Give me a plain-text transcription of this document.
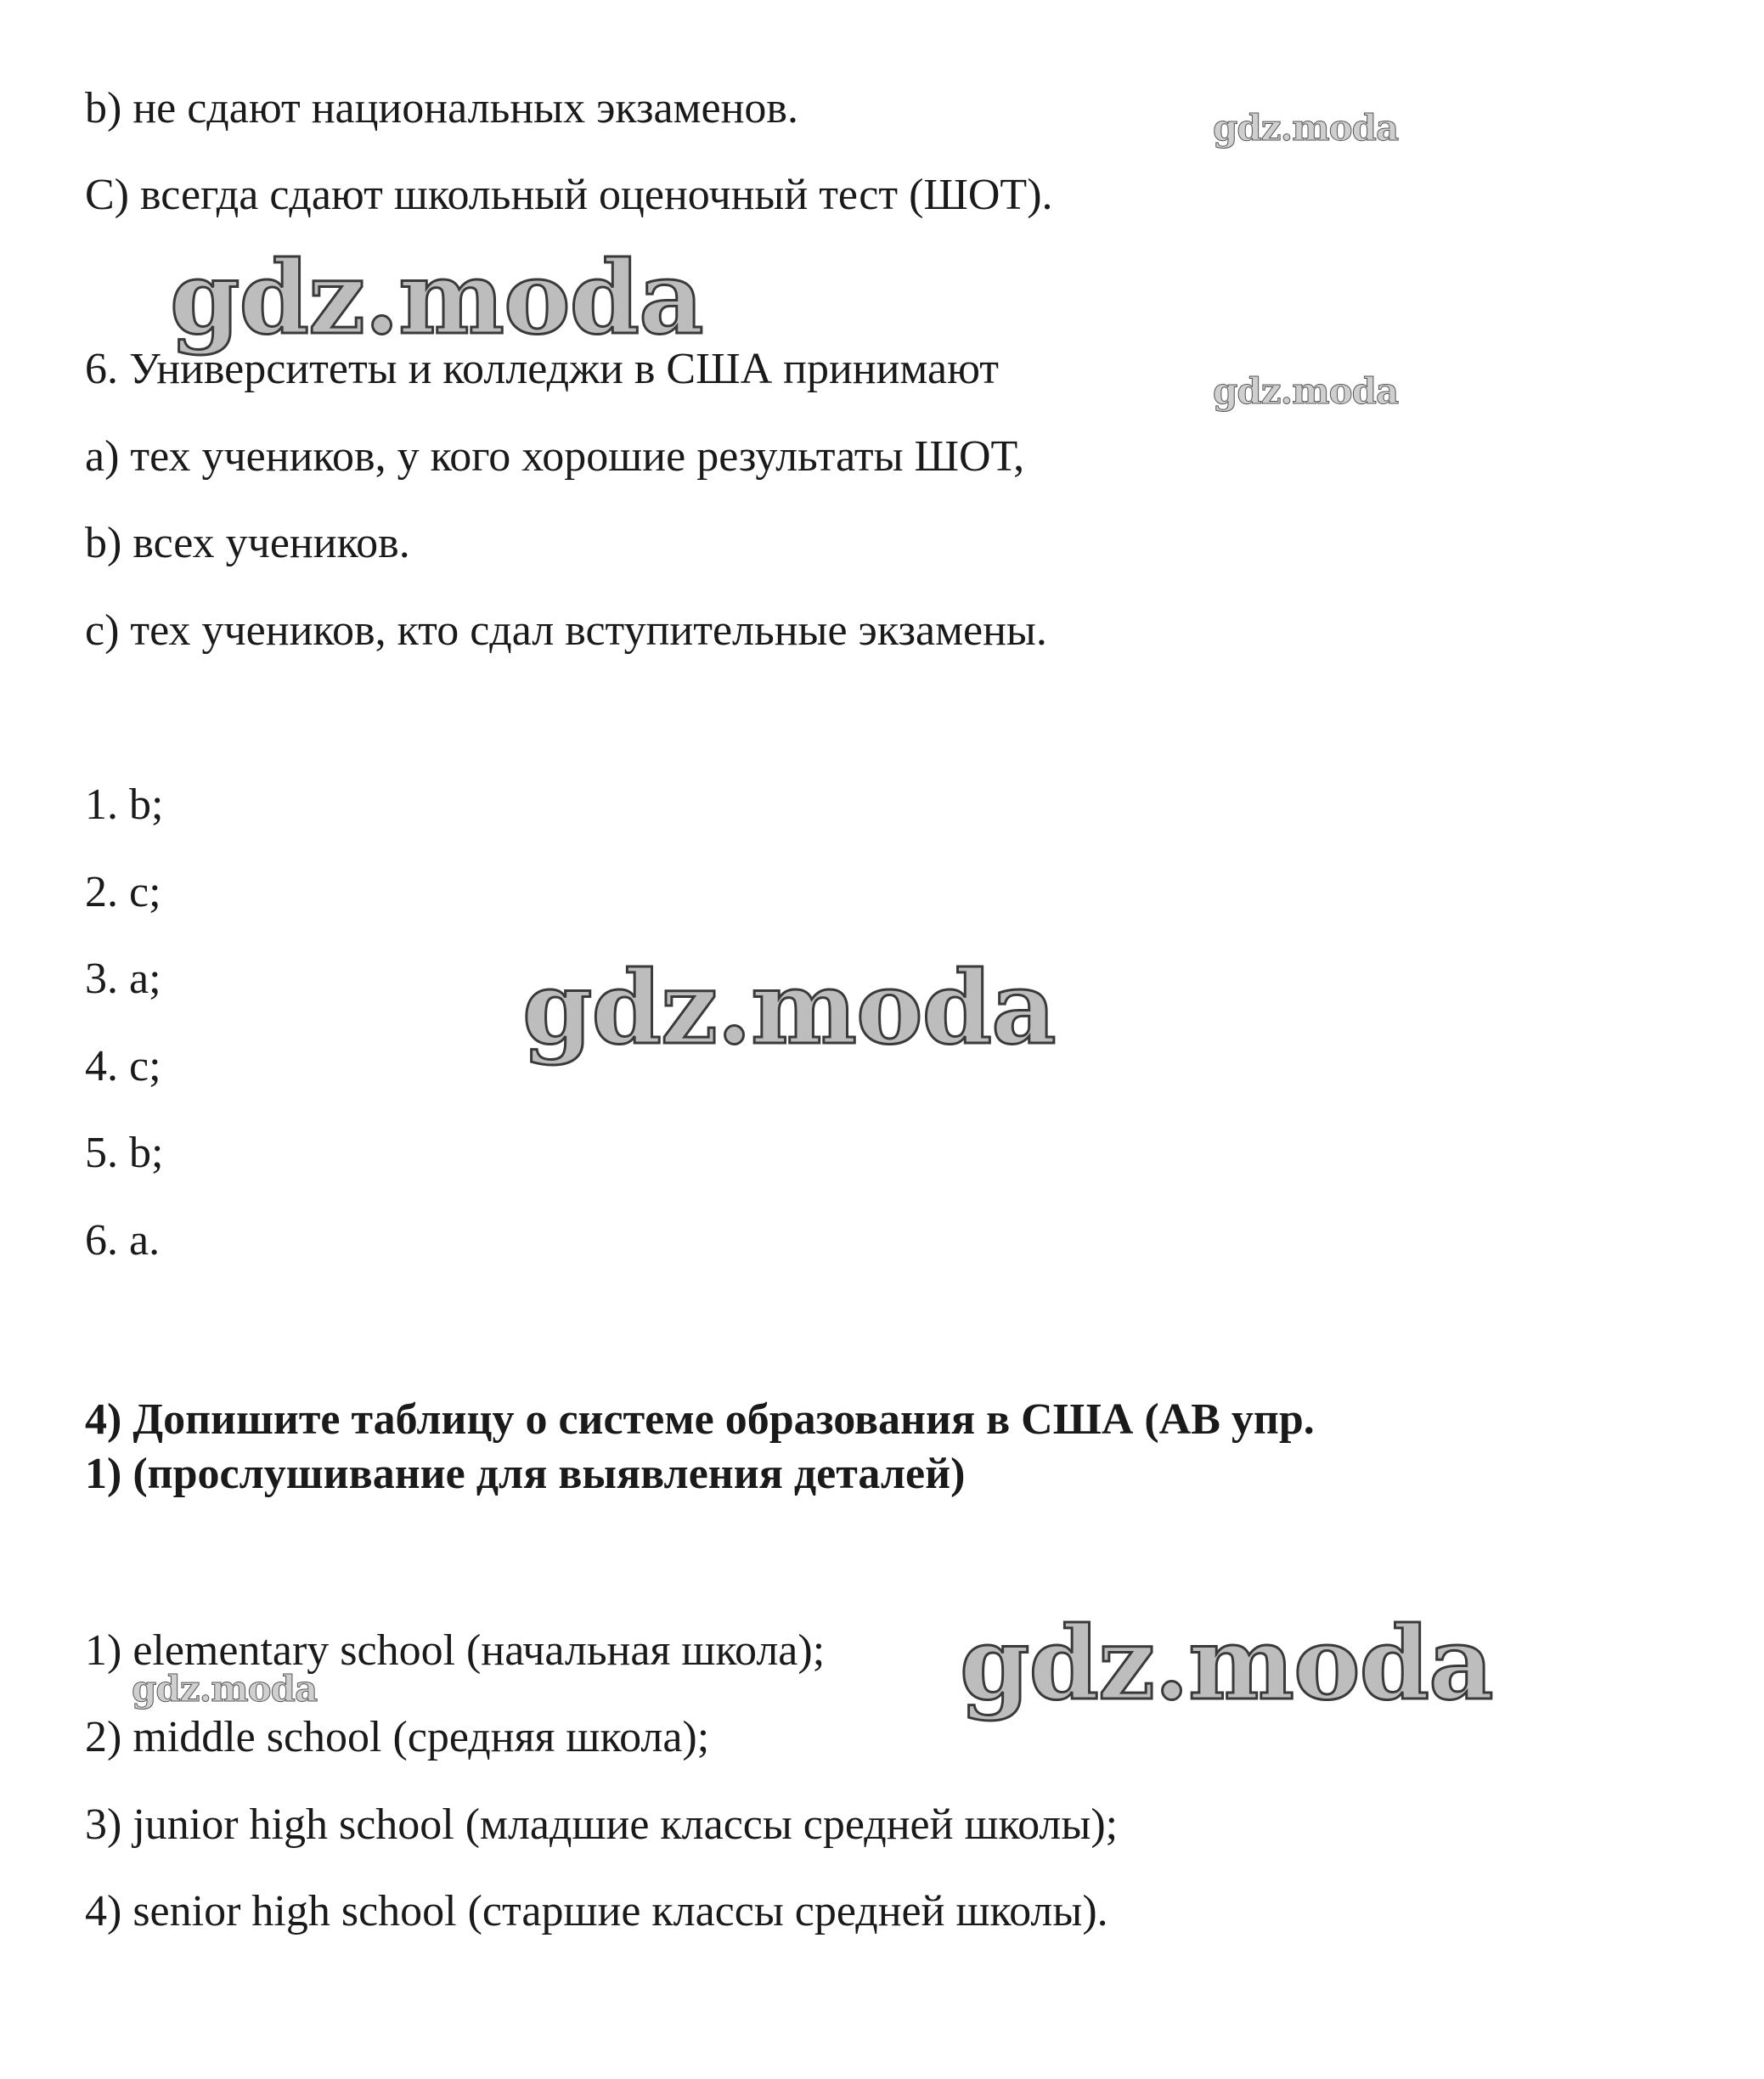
b) не сдают национальных экзаменов.
C) всегда сдают школьный оценочный тест (ШОТ).
6. Университеты и колледжи в США принимают
a) тех учеников, у кого хорошие результаты ШОТ,
b) всех учеников.
c) тех учеников, кто сдал вступительные экзамены.
1. b;
2. c;
3. a;
4. c;
5. b;
6. a.
4) Допишите таблицу о системе образования в США (АВ упр.
1) (прослушивание для выявления деталей)
1) elementary school (начальная школа);
2) middle school (средняя школа);
3) junior high school (младшие классы средней школы);
4) senior high school (старшие классы средней школы).
gdz.moda
gdz.moda
gdz.moda
gdz.moda
gdz.moda
gdz.moda
